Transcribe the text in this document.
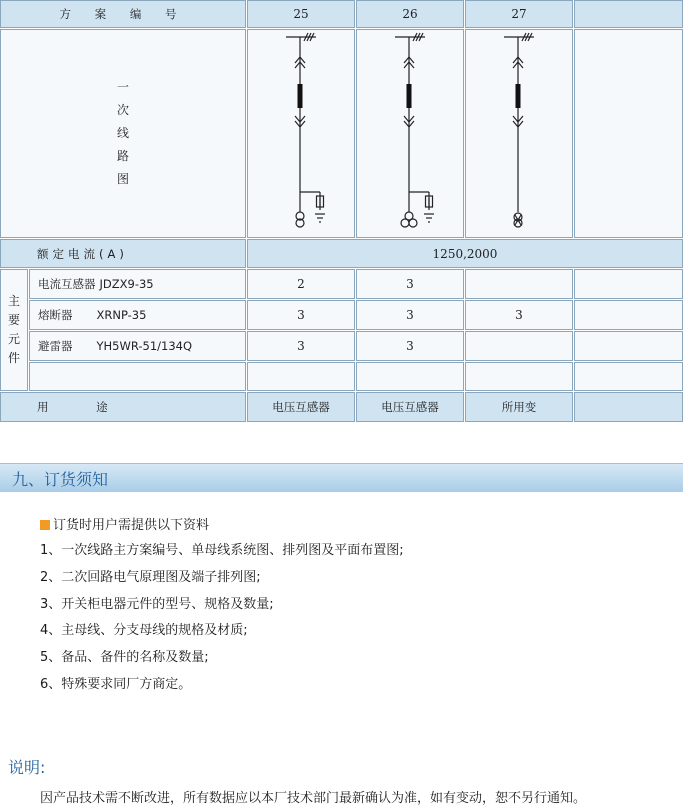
方 案 编 号	25	26	27
一
次
线
路
图
额定电流(A)	1250,2000
主
要
元
件
电流互感器 JDZX9-35	2	3
熔断器 XRNP-35	3	3	3
避雷器 YH5WR-51/134Q	3	3
用 途	电压互感器	电压互感器	所用变
九、订货须知
订货时用户需提供以下资料
1、一次线路主方案编号、单母线系统图、排列图及平面布置图;
2、二次回路电气原理图及端子排列图;
3、开关柜电器元件的型号、规格及数量;
4、主母线、分支母线的规格及材质;
5、备品、备件的名称及数量;
6、特殊要求同厂方商定。
说明:
因产品技术需不断改进，所有数据应以本厂技术部门最新确认为准，如有变动，恕不另行通知。
